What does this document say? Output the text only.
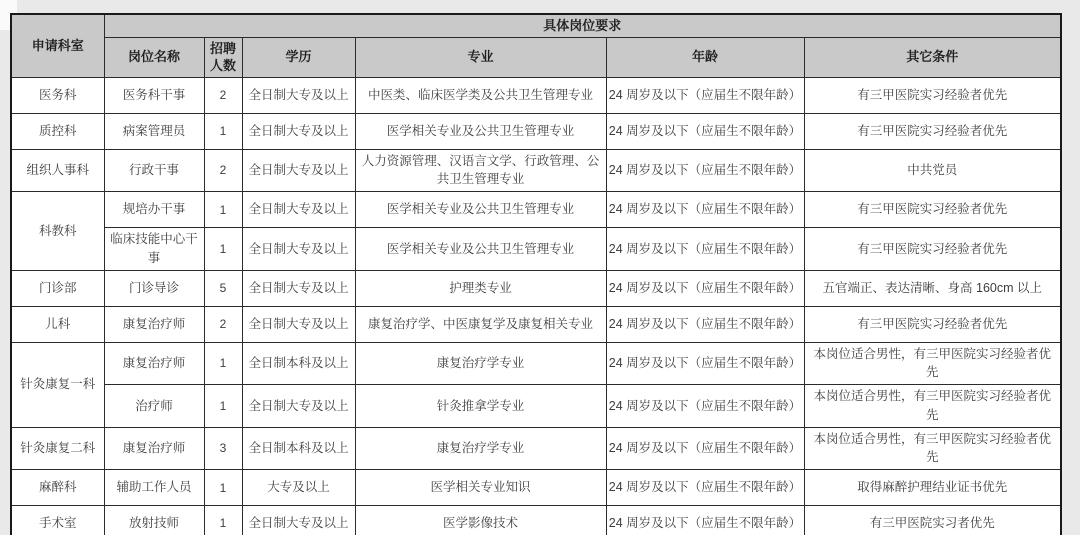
申请科室	具体岗位要求					
	岗位名称	招聘人数	学历	专业	年龄	其它条件
医务科	医务科干事	2	全日制大专及以上	中医类、临床医学类及公共卫生管理专业	24 周岁及以下（应届生不限年龄）	有三甲医院实习经验者优先
质控科	病案管理员	1	全日制大专及以上	医学相关专业及公共卫生管理专业	24 周岁及以下（应届生不限年龄）	有三甲医院实习经验者优先
组织人事科	行政干事	2	全日制大专及以上	人力资源管理、汉语言文学、行政管理、公共卫生管理专业	24 周岁及以下（应届生不限年龄）	中共党员
科教科	规培办干事	1	全日制大专及以上	医学相关专业及公共卫生管理专业	24 周岁及以下（应届生不限年龄）	有三甲医院实习经验者优先
	临床技能中心干事	1	全日制大专及以上	医学相关专业及公共卫生管理专业	24 周岁及以下（应届生不限年龄）	有三甲医院实习经验者优先
门诊部	门诊导诊	5	全日制大专及以上	护理类专业	24 周岁及以下（应届生不限年龄）	五官端正、表达清晰、身高 160cm 以上
儿科	康复治疗师	2	全日制大专及以上	康复治疗学、中医康复学及康复相关专业	24 周岁及以下（应届生不限年龄）	有三甲医院实习经验者优先
针灸康复一科	康复治疗师	1	全日制本科及以上	康复治疗学专业	24 周岁及以下（应届生不限年龄）	本岗位适合男性，有三甲医院实习经验者优先
	治疗师	1	全日制大专及以上	针灸推拿学专业	24 周岁及以下（应届生不限年龄）	本岗位适合男性，有三甲医院实习经验者优先
针灸康复二科	康复治疗师	3	全日制本科及以上	康复治疗学专业	24 周岁及以下（应届生不限年龄）	本岗位适合男性，有三甲医院实习经验者优先
麻醉科	辅助工作人员	1	大专及以上	医学相关专业知识	24 周岁及以下（应届生不限年龄）	取得麻醉护理结业证书优先
手术室	放射技师	1	全日制大专及以上	医学影像技术	24 周岁及以下（应届生不限年龄）	有三甲医院实习者优先
